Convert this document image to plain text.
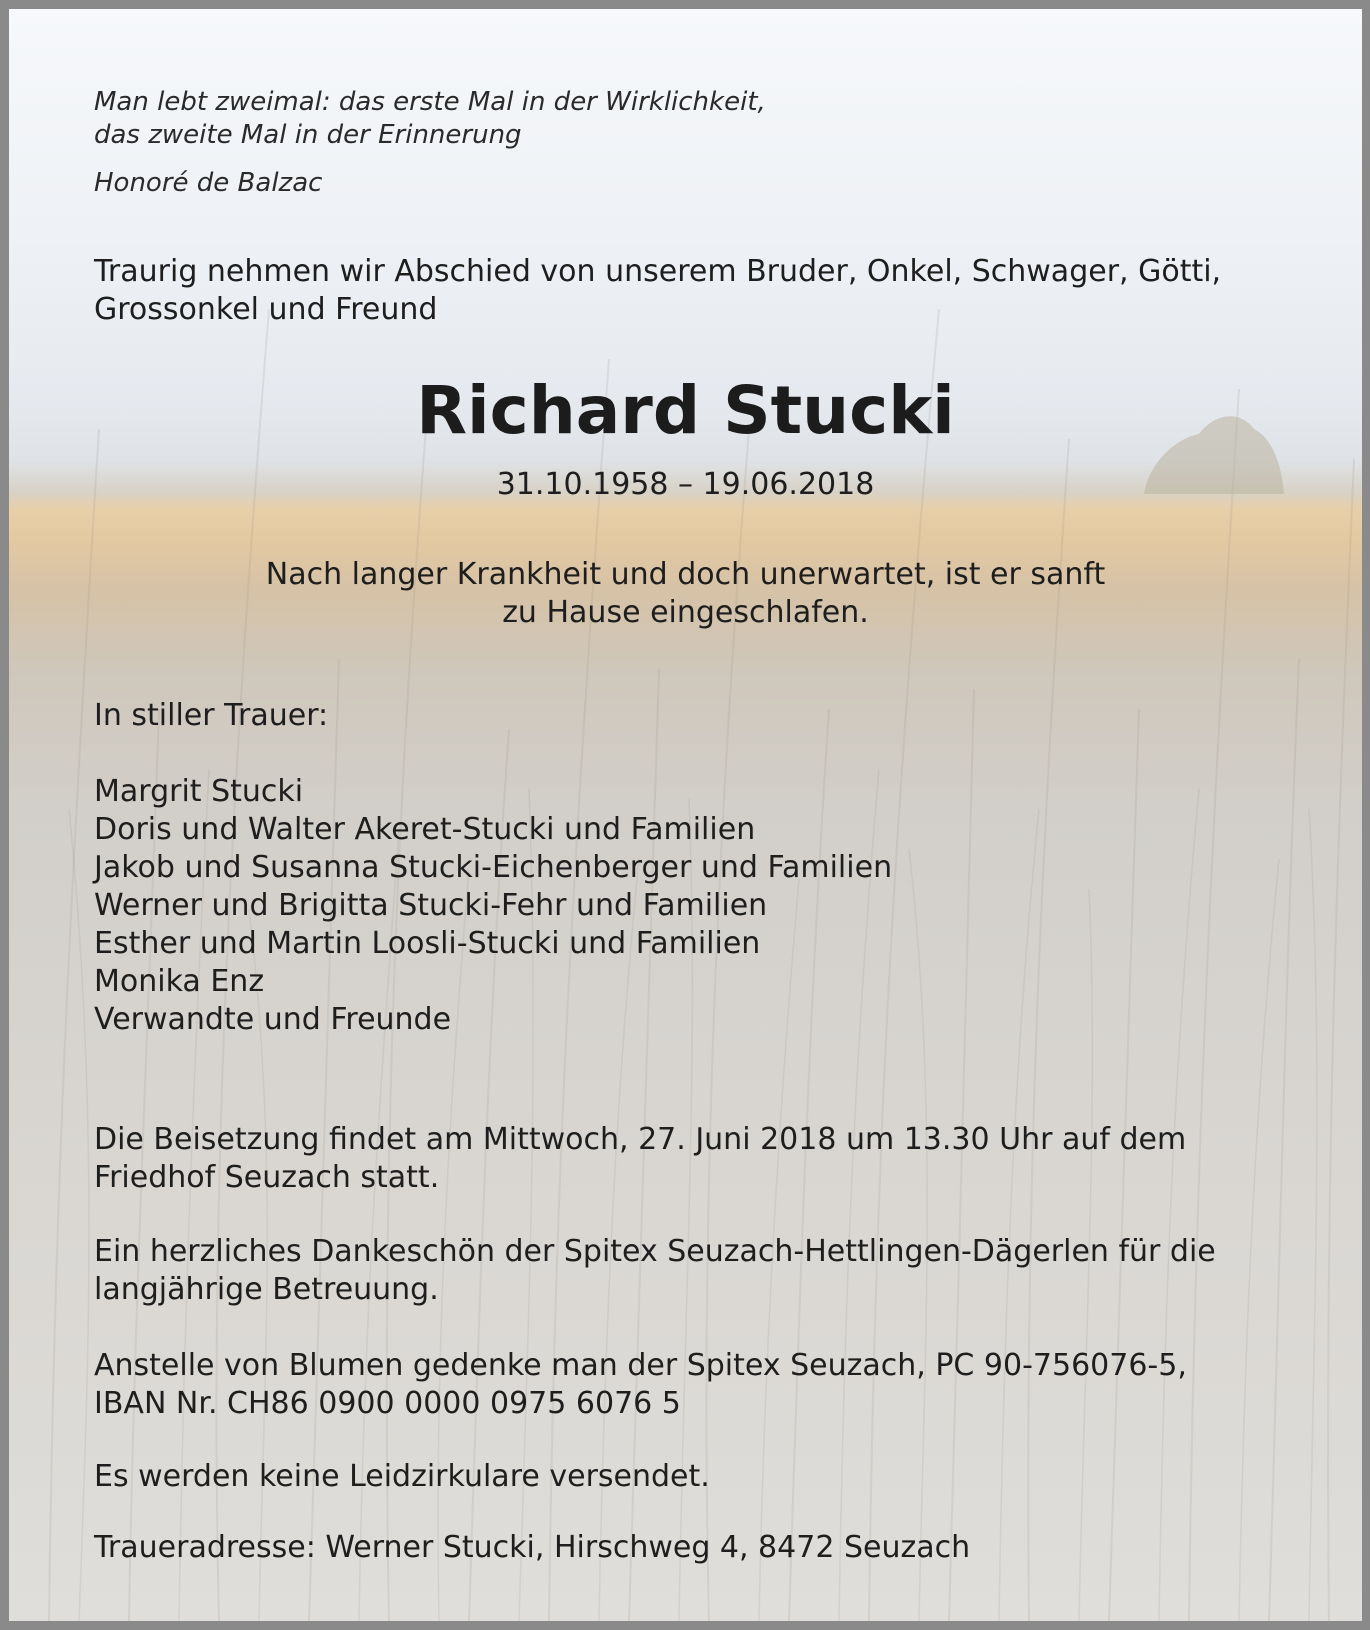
Man lebt zweimal: das erste Mal in der Wirklichkeit,
das zweite Mal in der Erinnerung
Honoré de Balzac
Traurig nehmen wir Abschied von unserem Bruder, Onkel, Schwager, Götti,
Grossonkel und Freund
Richard Stucki
31.10.1958 – 19.06.2018
Nach langer Krankheit und doch unerwartet, ist er sanft
zu Hause eingeschlafen.
In stiller Trauer:
Margrit Stucki
Doris und Walter Akeret-Stucki und Familien
Jakob und Susanna Stucki-Eichenberger und Familien
Werner und Brigitta Stucki-Fehr und Familien
Esther und Martin Loosli-Stucki und Familien
Monika Enz
Verwandte und Freunde
Die Beisetzung findet am Mittwoch, 27. Juni 2018 um 13.30 Uhr auf dem
Friedhof Seuzach statt.
Ein herzliches Dankeschön der Spitex Seuzach-Hettlingen-Dägerlen für die
langjährige Betreuung.
Anstelle von Blumen gedenke man der Spitex Seuzach, PC 90-756076-5,
IBAN Nr. CH86 0900 0000 0975 6076 5
Es werden keine Leidzirkulare versendet.
Traueradresse: Werner Stucki, Hirschweg 4, 8472 Seuzach
